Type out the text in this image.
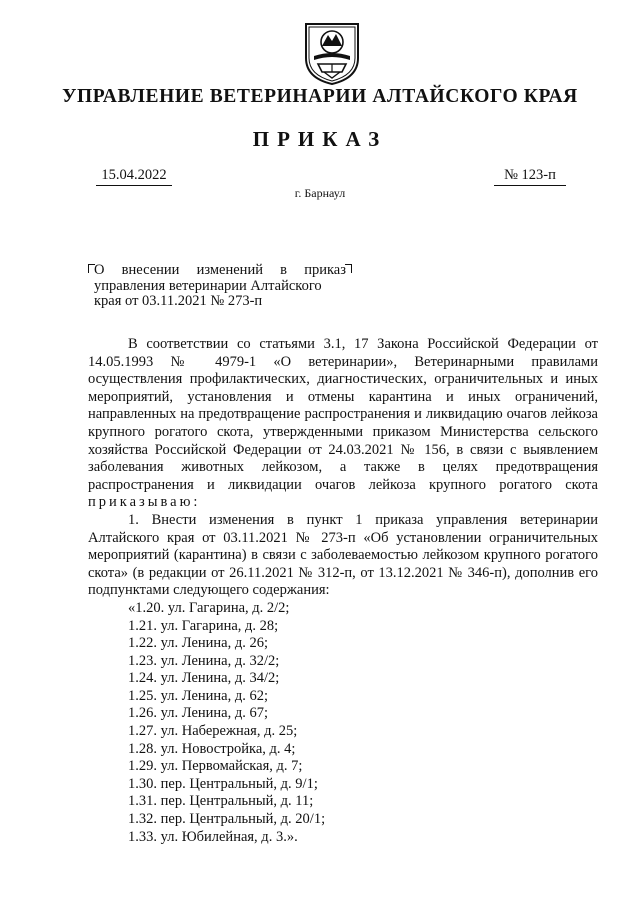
УПРАВЛЕНИЕ ВЕТЕРИНАРИИ АЛТАЙСКОГО КРАЯ
ПРИКАЗ
15.04.2022	№ 123-п
г. Барнаул
О внесении изменений в приказ
управления ветеринарии Алтайского
края от 03.11.2021 № 273-п

В соответствии со статьями 3.1, 17 Закона Российской Федерации от 14.05.1993 № 4979-1 «О ветеринарии», Ветеринарными правилами осуществления профилактических, диагностических, ограничительных и иных мероприятий, установления и отмены карантина и иных ограничений, направленных на предотвращение распространения и ликвидацию очагов лейкоза крупного рогатого скота, утвержденными приказом Министерства сельского хозяйства Российской Федерации от 24.03.2021 № 156, в связи с выявлением заболевания животных лейкозом, а также в целях предотвращения распространения и ликвидации очагов лейкоза крупного рогатого скота приказываю:

1. Внести изменения в пункт 1 приказа управления ветеринарии Алтайского края от 03.11.2021 № 273-п «Об установлении ограничительных мероприятий (карантина) в связи с заболеваемостью лейкозом крупного рогатого скота» (в редакции от 26.11.2021 № 312-п, от 13.12.2021 № 346-п), дополнив его подпунктами следующего содержания:

«1.20. ул. Гагарина, д. 2/2;
1.21. ул. Гагарина, д. 28;
1.22. ул. Ленина, д. 26;
1.23. ул. Ленина, д. 32/2;
1.24. ул. Ленина, д. 34/2;
1.25. ул. Ленина, д. 62;
1.26. ул. Ленина, д. 67;
1.27. ул. Набережная, д. 25;
1.28. ул. Новостройка, д. 4;
1.29. ул. Первомайская, д. 7;
1.30. пер. Центральный, д. 9/1;
1.31. пер. Центральный, д. 11;
1.32. пер. Центральный, д. 20/1;
1.33. ул. Юбилейная, д. 3.».
